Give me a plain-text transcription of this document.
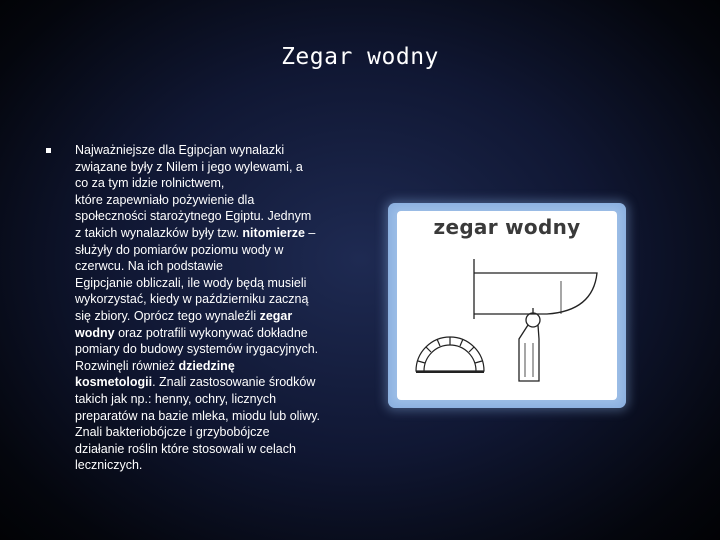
Zegar wodny
Najważniejsze dla Egipcjan wynalazki
związane były z Nilem i jego wylewami, a
co za tym idzie rolnictwem,
które zapewniało pożywienie dla
społeczności starożytnego Egiptu. Jednym
z takich wynalazków były tzw. nitomierze –
służyły do pomiarów poziomu wody w
czerwcu. Na ich podstawie
Egipcjanie obliczali, ile wody będą musieli
wykorzystać, kiedy w październiku zaczną
się zbiory. Oprócz tego wynaleźli zegar
wodny oraz potrafili wykonywać dokładne
pomiary do budowy systemów irygacyjnych.
Rozwinęli również dziedzinę
kosmetologii. Znali zastosowanie środków
takich jak np.: henny, ochry, licznych
preparatów na bazie mleka, miodu lub oliwy.
Znali bakteriobójcze i grzybobójcze
działanie roślin które stosowali w celach
leczniczych.
zegar wodny
